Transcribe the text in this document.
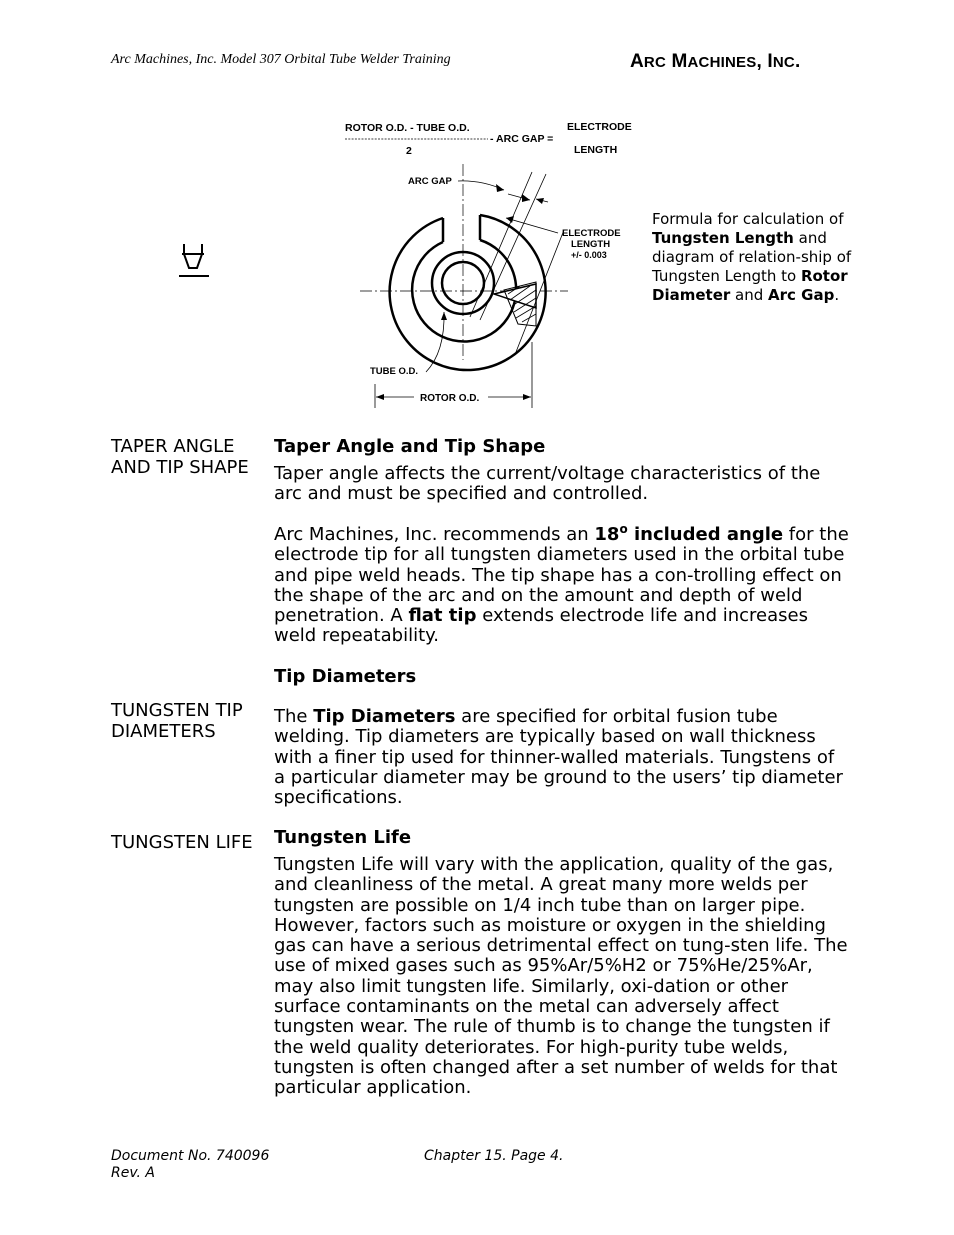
Arc Machines, Inc. Model 307 Orbital Tube Welder Training	ARC MACHINES, INC.
ROTOR O.D. - TUBE O.D.
- ARC GAP =
2
ELECTRODE
LENGTH
ARC GAP
ELECTRODE
LENGTH
+/- 0.003
TUBE O.D.
ROTOR O.D.
Formula for calculation of Tungsten Length and diagram of relation-ship of Tungsten Length to Rotor Diameter and Arc Gap.
TAPER ANGLE
AND TIP SHAPE
TUNGSTEN TIP
DIAMETERS
TUNGSTEN LIFE
Taper Angle and Tip Shape

Taper angle affects the current/voltage characteristics of the arc and must be specified and controlled.

Arc Machines, Inc. recommends an 18$^o$ included angle for the electrode tip for all tungsten diameters used in the orbital tube and pipe weld heads. The tip shape has a con-trolling effect on the shape of the arc and on the amount and depth of weld penetration. A flat tip extends electrode life and increases weld repeatability.

Tip Diameters

The Tip Diameters are specified for orbital fusion tube welding. Tip diameters are typically based on wall thickness with a finer tip used for thinner-walled materials. Tungstens of a particular diameter may be ground to the users’ tip diameter specifications.

Tungsten Life

Tungsten Life will vary with the application, quality of the gas, and cleanliness of the metal. A great many more welds per tungsten are possible on 1/4 inch tube than on larger pipe. However, factors such as moisture or oxygen in the shielding gas can have a serious detrimental effect on tung-sten life. The use of mixed gases such as 95%Ar/5%H2 or 75%He/25%Ar, may also limit tungsten life. Similarly, oxi-dation or other surface contaminants on the metal can adversely affect tungsten wear. The rule of thumb is to change the tungsten if the weld quality deteriorates. For high-purity tube welds, tungsten is often changed after a set number of welds for that particular application.

Document No. 740096
Rev. A
Chapter 15. Page 4.
